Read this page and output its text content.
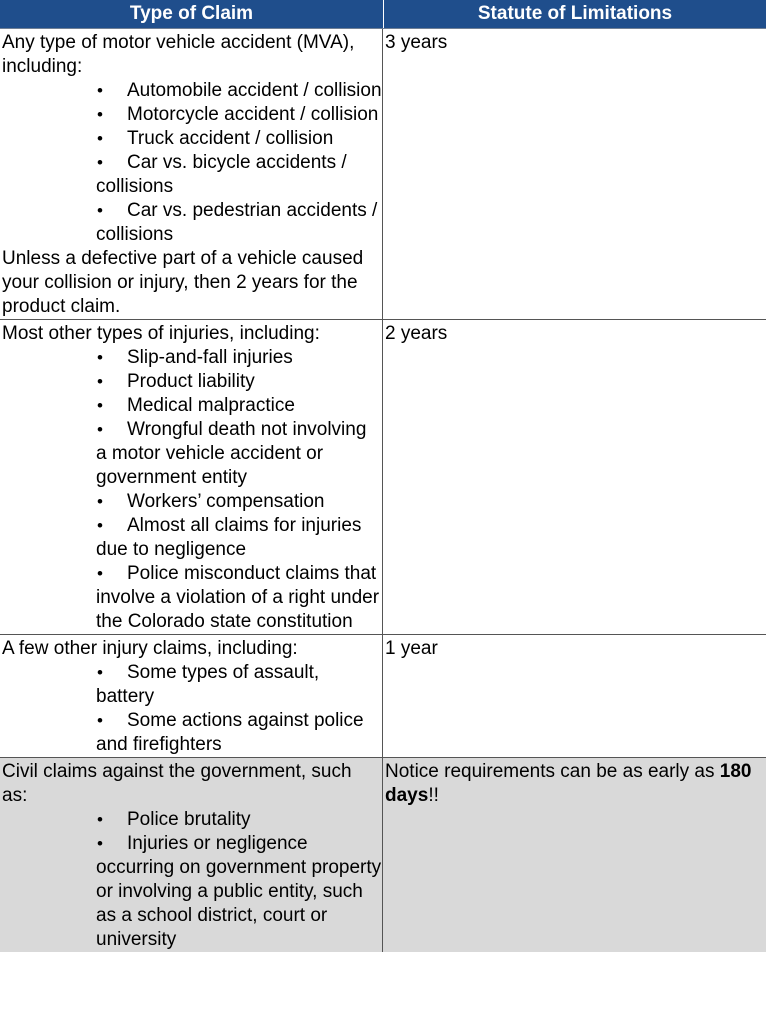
Type of Claim	Statute of Limitations
Any type of motor vehicle accident (MVA), including:
•Automobile accident / collision
•Motorcycle accident / collision
•Truck accident / collision
•Car vs. bicycle accidents / collisions
•Car vs. pedestrian accidents / collisions
Unless a defective part of a vehicle caused your collision or injury, then 2 years for the product claim.
3 years
Most other types of injuries, including:
•Slip-and-fall injuries
•Product liability
•Medical malpractice
•Wrongful death not involving a motor vehicle accident or government entity
•Workers’ compensation
•Almost all claims for injuries due to negligence
•Police misconduct claims that involve a violation of a right under the Colorado state constitution
2 years
A few other injury claims, including:
•Some types of assault, battery
•Some actions against police and firefighters
1 year
Civil claims against the government, such as:
•Police brutality
•Injuries or negligence occurring on government property or involving a public entity, such as a school district, court or university
Notice requirements can be as early as 180 days!!
